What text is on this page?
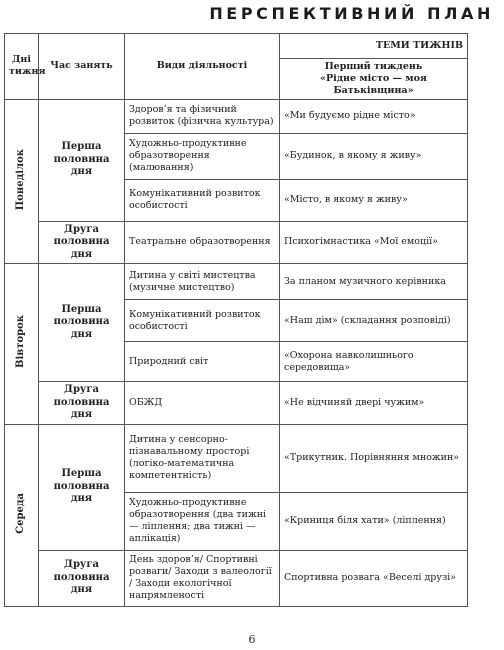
ПЕРСПЕКТИВНИЙ ПЛАН
Дні тижня	Час занять	Види діяльності	ТЕМИ ТИЖНІВ
			Перший тиждень
«Рідне місто — моя Батьківщина»
Понеділок	Перша половина дня	Здоров’я та фізичний розвиток (фізична культура)	«Ми будуємо рідне місто»
		Художньо-продуктивне образотворення (малювання)	«Будинок, в якому я живу»
		Комунікативний розвиток особистості	«Місто, в якому я живу»
	Друга половина дня	Театральне образотворення	Психогімнастика «Мої емоції»
Вівторок	Перша половина дня	Дитина у світі мистецтва (музичне мистецтво)	За планом музичного керівника
		Комунікативний розвиток особистості	«Наш дім» (складання розповіді)
		Природний світ	«Охорона навколишнього середовища»
	Друга половина дня	ОБЖД	«Не відчиняй двері чужим»
Середа	Перша половина дня	Дитина у сенсорно-пізнавальному просторі (логіко-математична компетентність)	«Трикутник. Порівняння множин»
		Художньо-продуктивне образотворення (два тижні — ліплення; два тижні — аплікація)	«Криниця біля хати» (ліплення)
	Друга половина дня	День здоров’я/ Спортивні розваги/ Заходи з валеології / Заходи екологічної напрямленості	Спортивна розвага «Веселі друзі»
6
